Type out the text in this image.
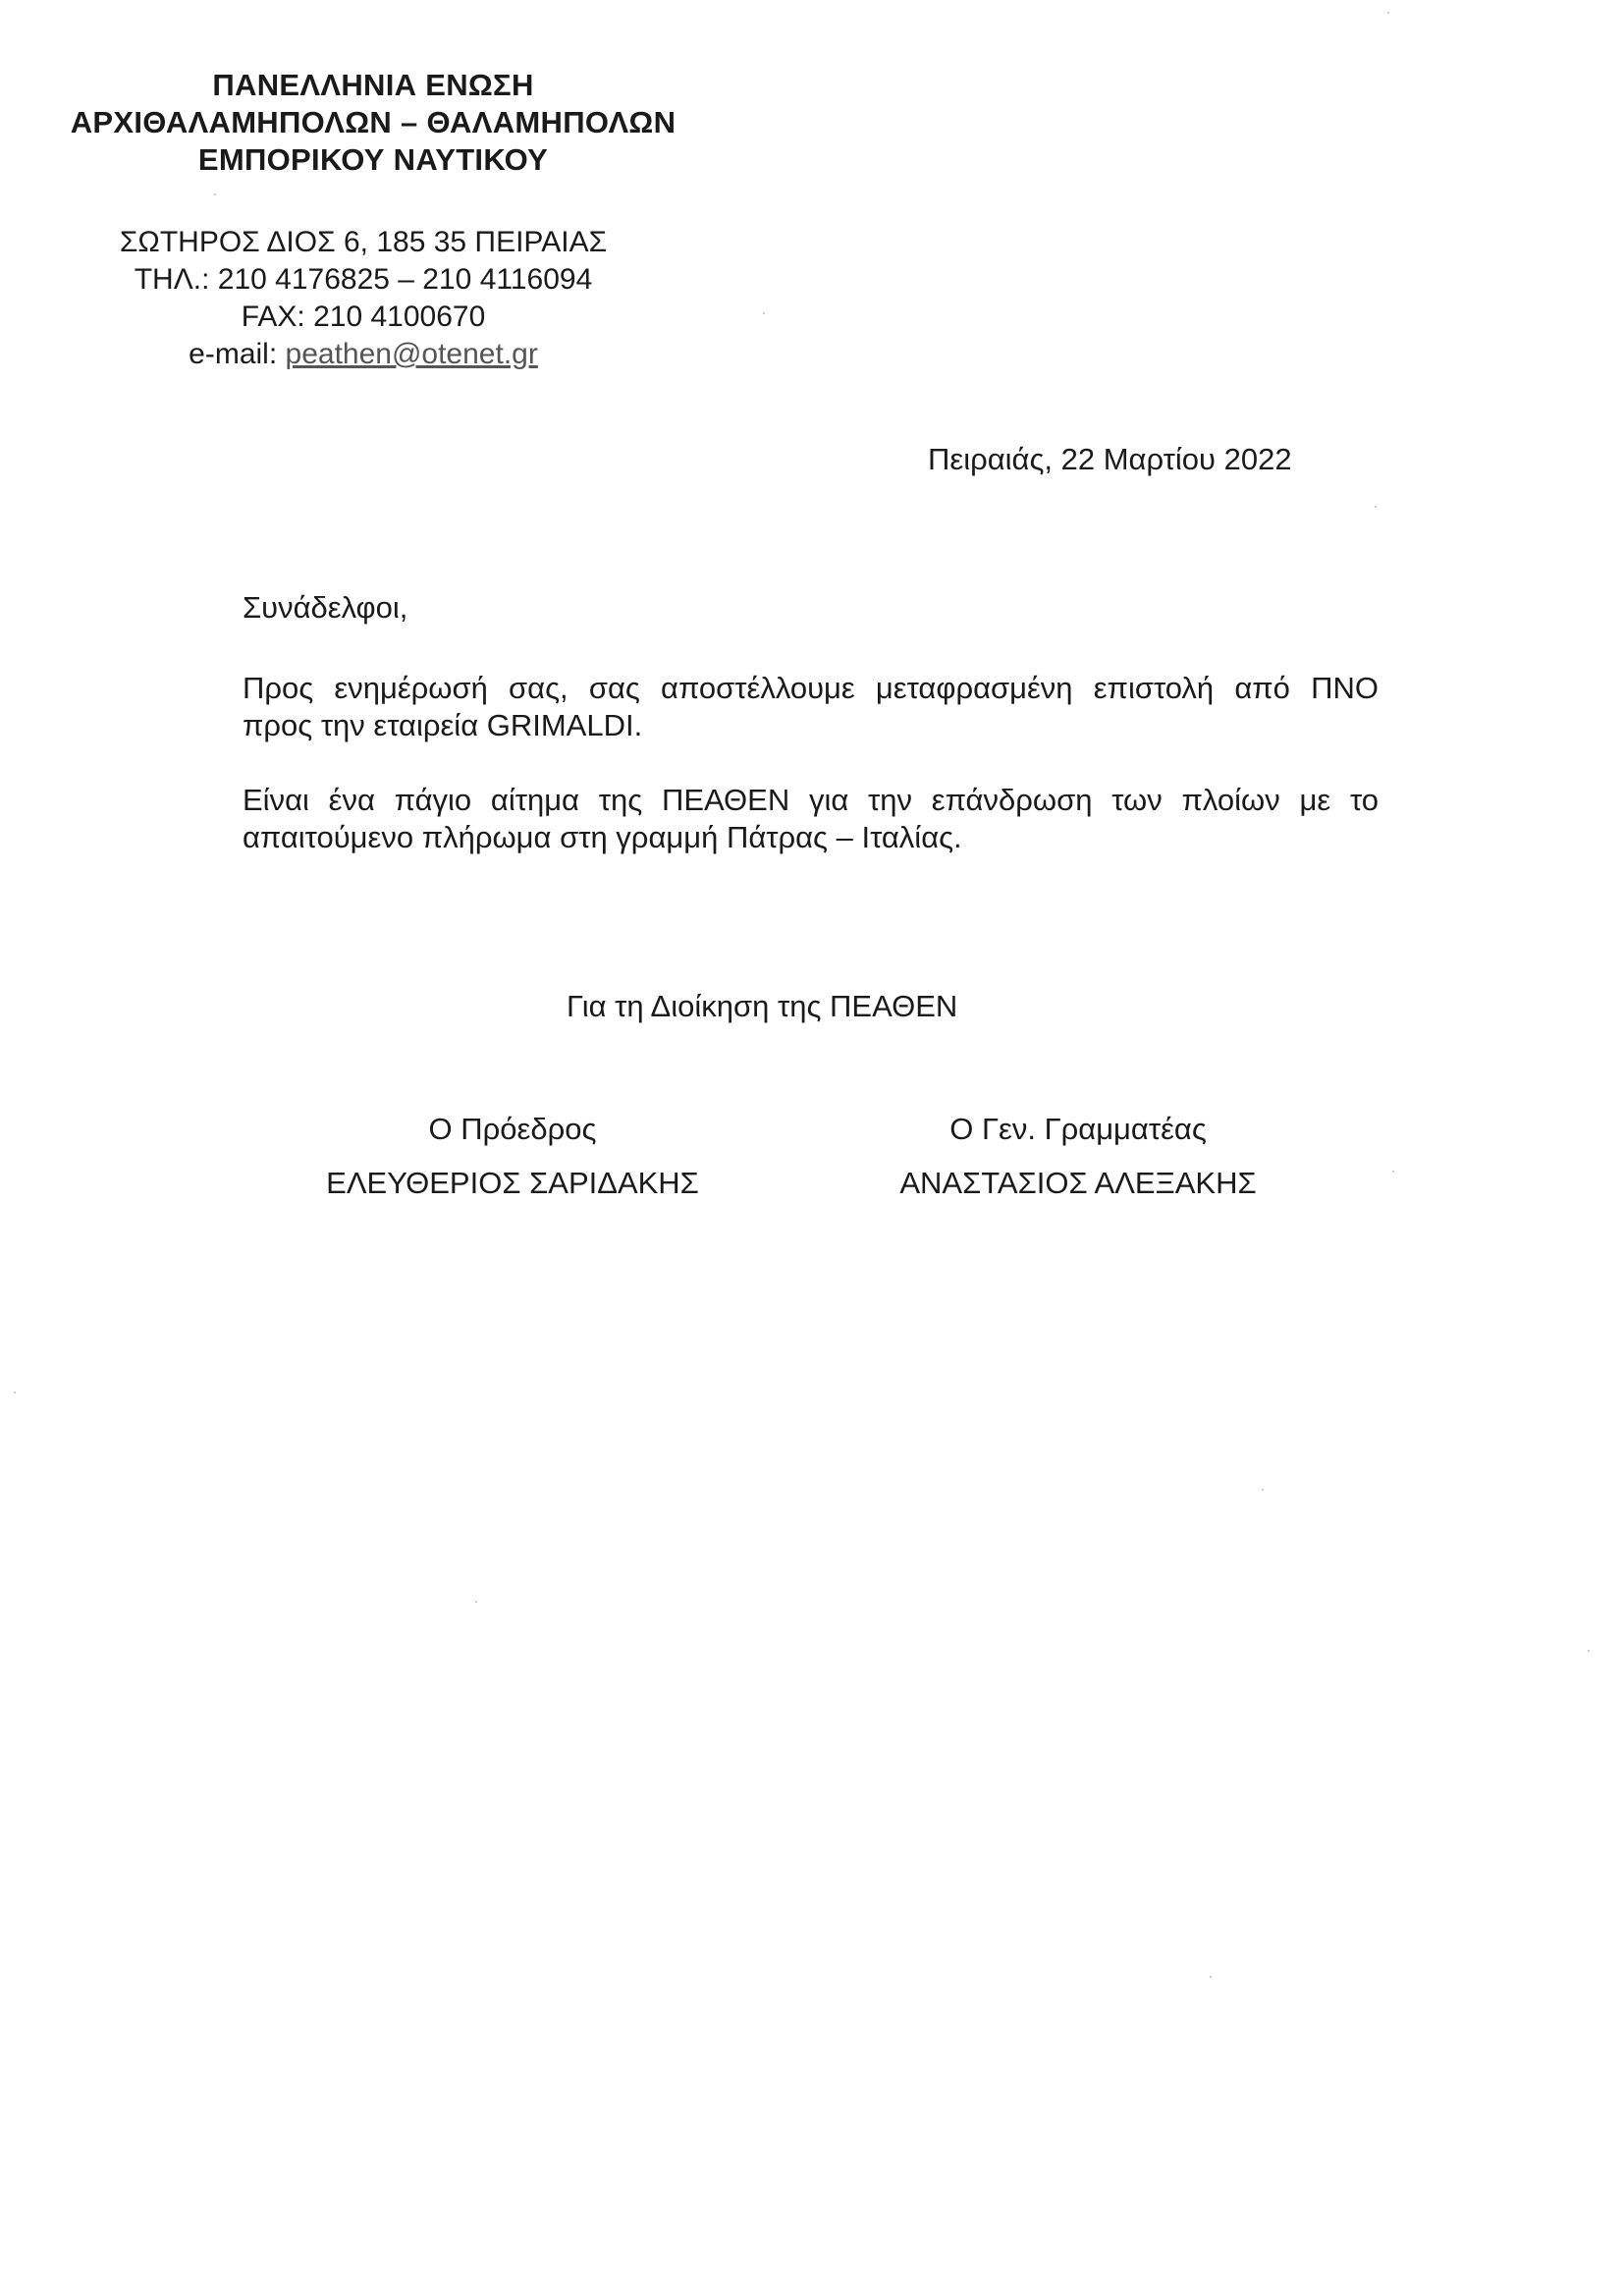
ΠΑΝΕΛΛΗΝΙΑ ΕΝΩΣΗ
ΑΡΧΙΘΑΛΑΜΗΠΟΛΩΝ – ΘΑΛΑΜΗΠΟΛΩΝ
ΕΜΠΟΡΙΚΟΥ ΝΑΥΤΙΚΟΥ
ΣΩΤΗΡΟΣ ΔΙΟΣ 6, 185 35 ΠΕΙΡΑΙΑΣ
ΤΗΛ.: 210 4176825 – 210 4116094
FAX: 210 4100670
e-mail: peathen@otenet.gr
Πειραιάς, 22 Μαρτίου 2022
Συνάδελφοι,
Προς ενημέρωσή σας, σας αποστέλλουμε μεταφρασμένη επιστολή από ΠΝΟ
προς την εταιρεία GRIMALDI.
Είναι ένα πάγιο αίτημα της ΠΕΑΘΕΝ για την επάνδρωση των πλοίων με το
απαιτούμενο πλήρωμα στη γραμμή Πάτρας – Ιταλίας.
Για τη Διοίκηση της ΠΕΑΘΕΝ
Ο Πρόεδρος
ΕΛΕΥΘΕΡΙΟΣ ΣΑΡΙΔΑΚΗΣ
Ο Γεν. Γραμματέας
ΑΝΑΣΤΑΣΙΟΣ ΑΛΕΞΑΚΗΣ
